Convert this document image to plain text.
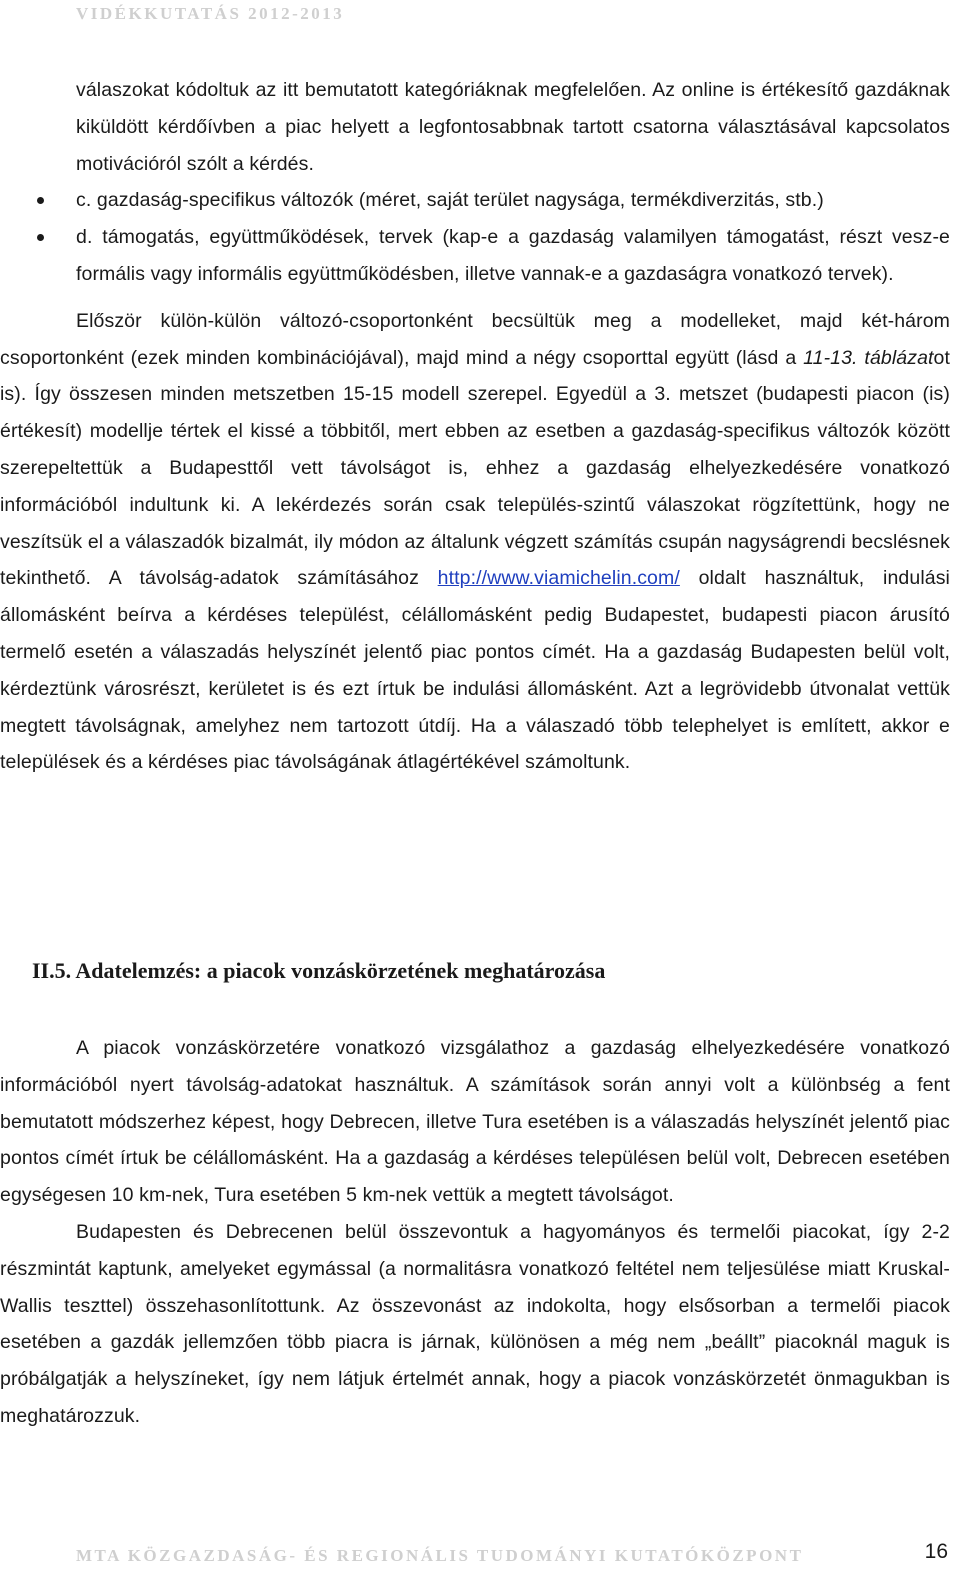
VIDÉKKUTATÁS 2012-2013

válaszokat kódoltuk az itt bemutatott kategóriáknak megfelelően. Az online is értékesítő gazdáknak kiküldött kérdőívben a piac helyett a legfontosabbnak tartott csatorna választásával kapcsolatos motivációról szólt a kérdés.

c. gazdaság-specifikus változók (méret, saját terület nagysága, termékdiverzitás, stb.)

d. támogatás, együttműködések, tervek (kap-e a gazdaság valamilyen támogatást, részt vesz-e formális vagy informális együttműködésben, illetve vannak-e a gazdaságra vonatkozó tervek).

Először külön-külön változó-csoportonként becsültük meg a modelleket, majd két-három csoportonként (ezek minden kombinációjával), majd mind a négy csoporttal együtt (lásd a 11-13. táblázatot is). Így összesen minden metszetben 15-15 modell szerepel. Egyedül a 3. metszet (budapesti piacon (is) értékesít) modellje tértek el kissé a többitől, mert ebben az esetben a gazdaság-specifikus változók között szerepeltettük a Budapesttől vett távolságot is, ehhez a gazdaság elhelyezkedésére vonatkozó információból indultunk ki. A lekérdezés során csak település-szintű válaszokat rögzítettünk, hogy ne veszítsük el a válaszadók bizalmát, ily módon az általunk végzett számítás csupán nagyságrendi becslésnek tekinthető. A távolság-adatok számításához http://www.viamichelin.com/ oldalt használtuk, indulási állomásként beírva a kérdéses települést, célállomásként pedig Budapestet, budapesti piacon árusító termelő esetén a válaszadás helyszínét jelentő piac pontos címét. Ha a gazdaság Budapesten belül volt, kérdeztünk városrészt, kerületet is és ezt írtuk be indulási állomásként. Azt a legrövidebb útvonalat vettük megtett távolságnak, amelyhez nem tartozott útdíj. Ha a válaszadó több telephelyet is említett, akkor e települések és a kérdéses piac távolságának átlagértékével számoltunk.

II.5. Adatelemzés: a piacok vonzáskörzetének meghatározása

A piacok vonzáskörzetére vonatkozó vizsgálathoz a gazdaság elhelyezkedésére vonatkozó információból nyert távolság-adatokat használtuk. A számítások során annyi volt a különbség a fent bemutatott módszerhez képest, hogy Debrecen, illetve Tura esetében is a válaszadás helyszínét jelentő piac pontos címét írtuk be célállomásként. Ha a gazdaság a kérdéses településen belül volt, Debrecen esetében egységesen 10 km-nek, Tura esetében 5 km-nek vettük a megtett távolságot.

Budapesten és Debrecenen belül összevontuk a hagyományos és termelői piacokat, így 2-2 részmintát kaptunk, amelyeket egymással (a normalitásra vonatkozó feltétel nem teljesülése miatt Kruskal-Wallis teszttel) összehasonlítottunk. Az összevonást az indokolta, hogy elsősorban a termelői piacok esetében a gazdák jellemzően több piacra is járnak, különösen a még nem „beállt” piacoknál maguk is próbálgatják a helyszíneket, így nem látjuk értelmét annak, hogy a piacok vonzáskörzetét önmagukban is meghatározzuk.

MTA KÖZGAZDASÁG- ÉS REGIONÁLIS TUDOMÁNYI KUTATÓKÖZPONT	16
